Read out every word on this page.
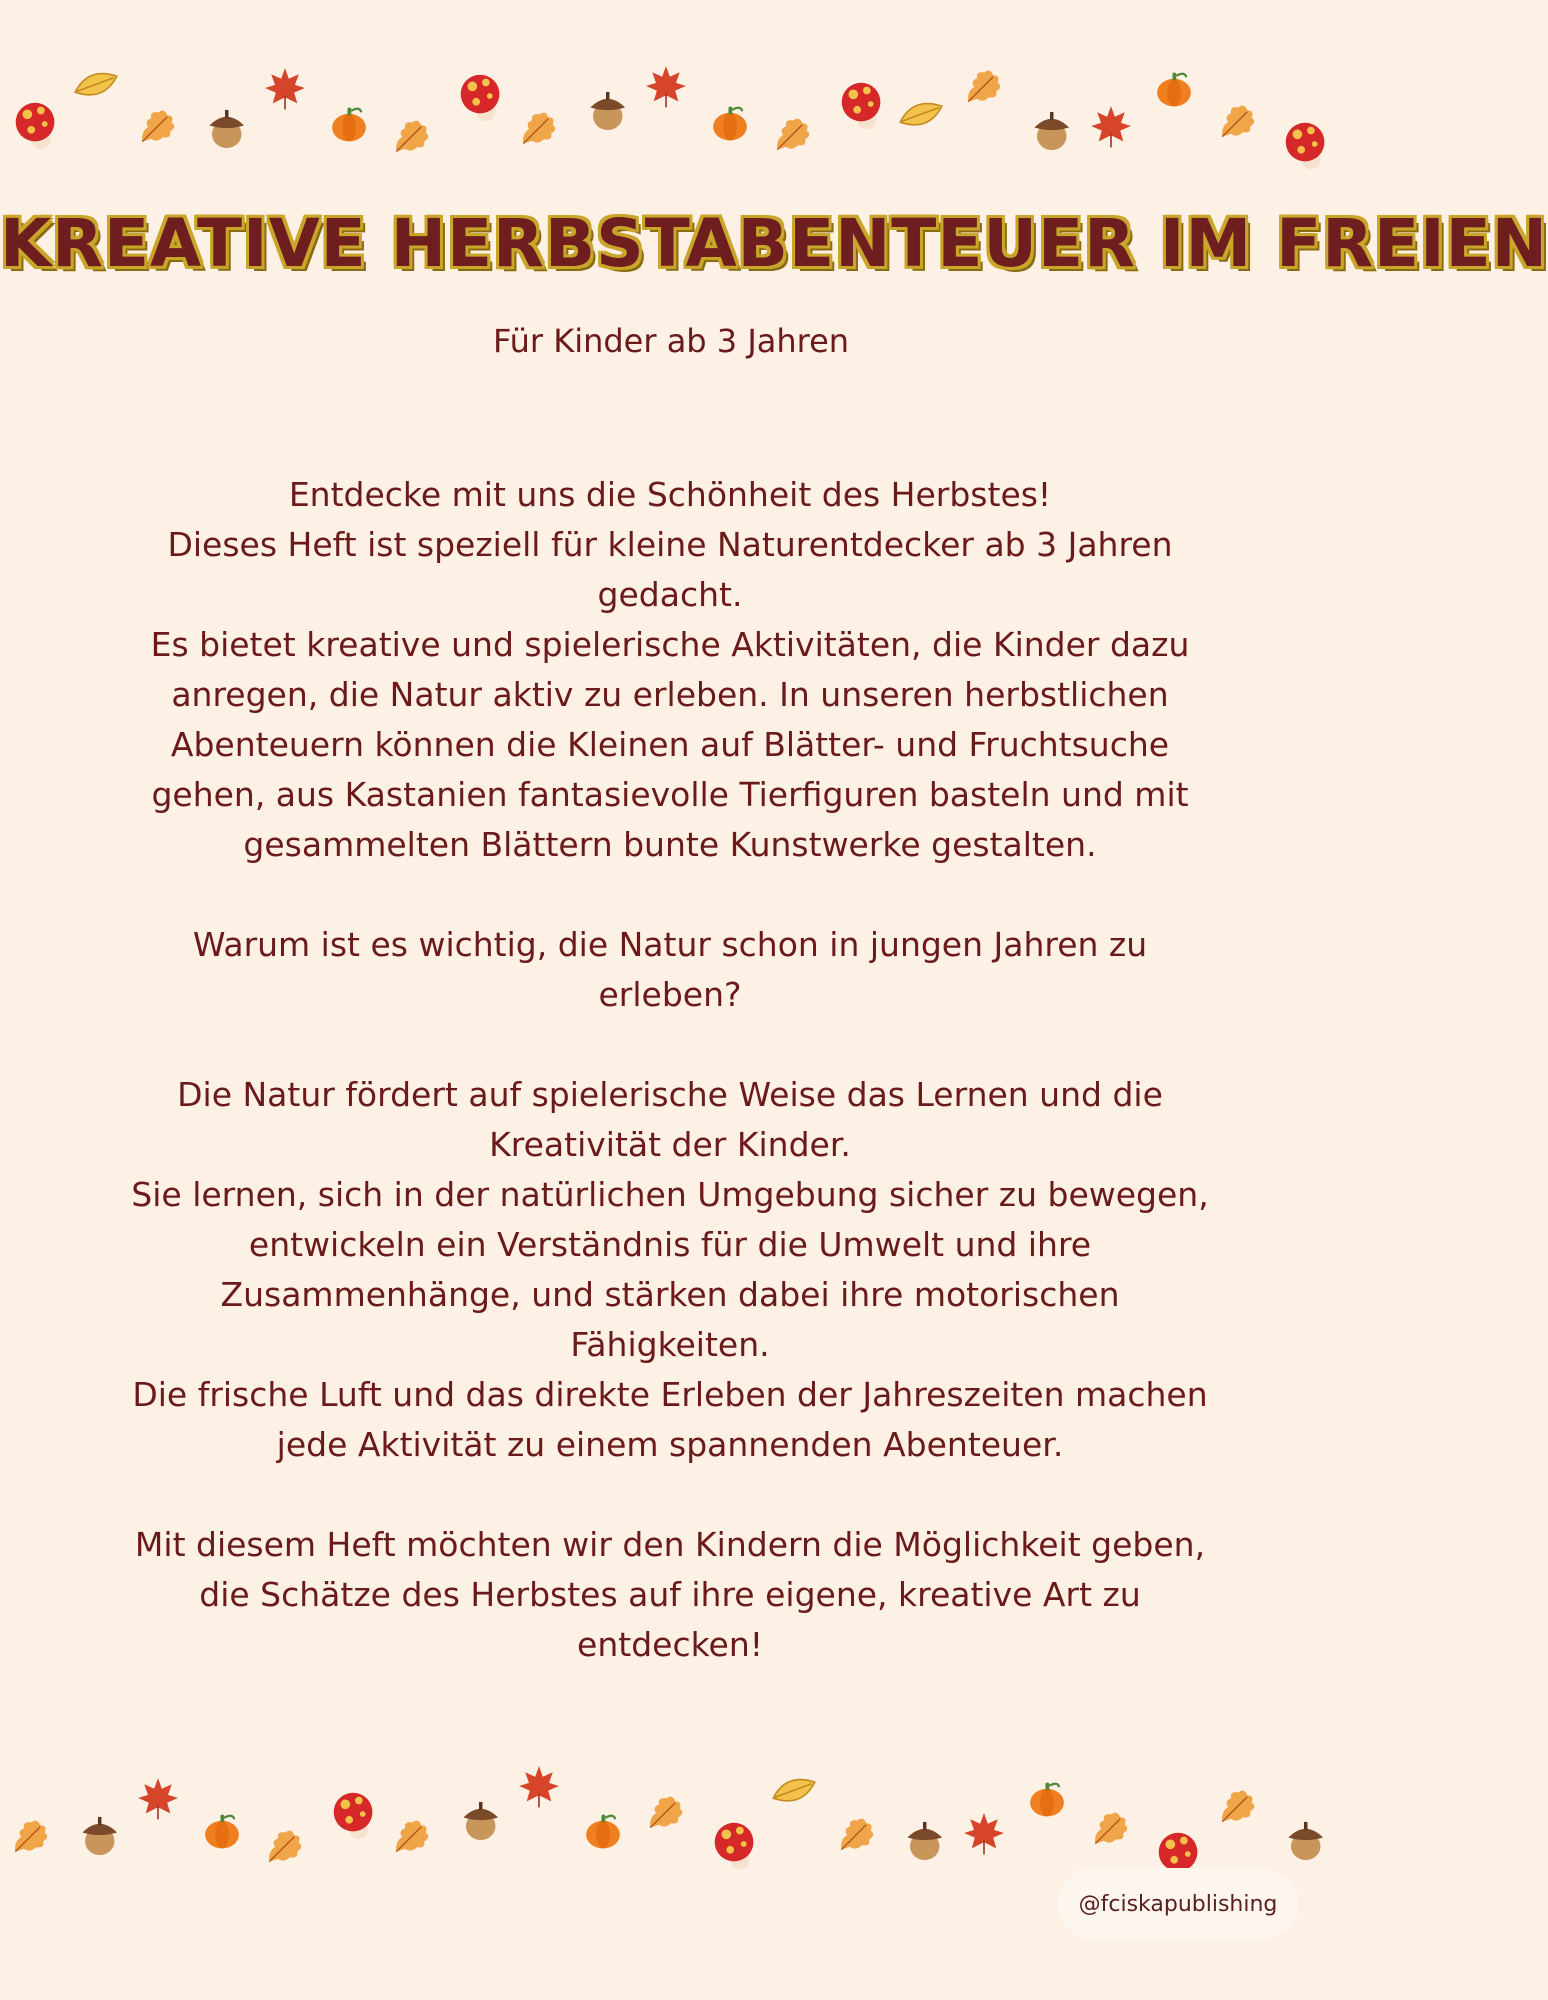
KREATIVE HERBSTABENTEUER IM FREIEN
Für Kinder ab 3 Jahren

Entdecke mit uns die Schönheit des Herbstes!

Dieses Heft ist speziell für kleine Naturentdecker ab 3 Jahren gedacht.

Es bietet kreative und spielerische Aktivitäten, die Kinder dazu anregen, die Natur aktiv zu erleben. In unseren herbstlichen Abenteuern können die Kleinen auf Blätter- und Fruchtsuche gehen, aus Kastanien fantasievolle Tierfiguren basteln und mit gesammelten Blättern bunte Kunstwerke gestalten.

Warum ist es wichtig, die Natur schon in jungen Jahren zu erleben?

Die Natur fördert auf spielerische Weise das Lernen und die Kreativität der Kinder.

Sie lernen, sich in der natürlichen Umgebung sicher zu bewegen, entwickeln ein Verständnis für die Umwelt und ihre Zusammenhänge, und stärken dabei ihre motorischen Fähigkeiten.

Die frische Luft und das direkte Erleben der Jahreszeiten machen jede Aktivität zu einem spannenden Abenteuer.

Mit diesem Heft möchten wir den Kindern die Möglichkeit geben, die Schätze des Herbstes auf ihre eigene, kreative Art zu entdecken!

@fciskapublishing
